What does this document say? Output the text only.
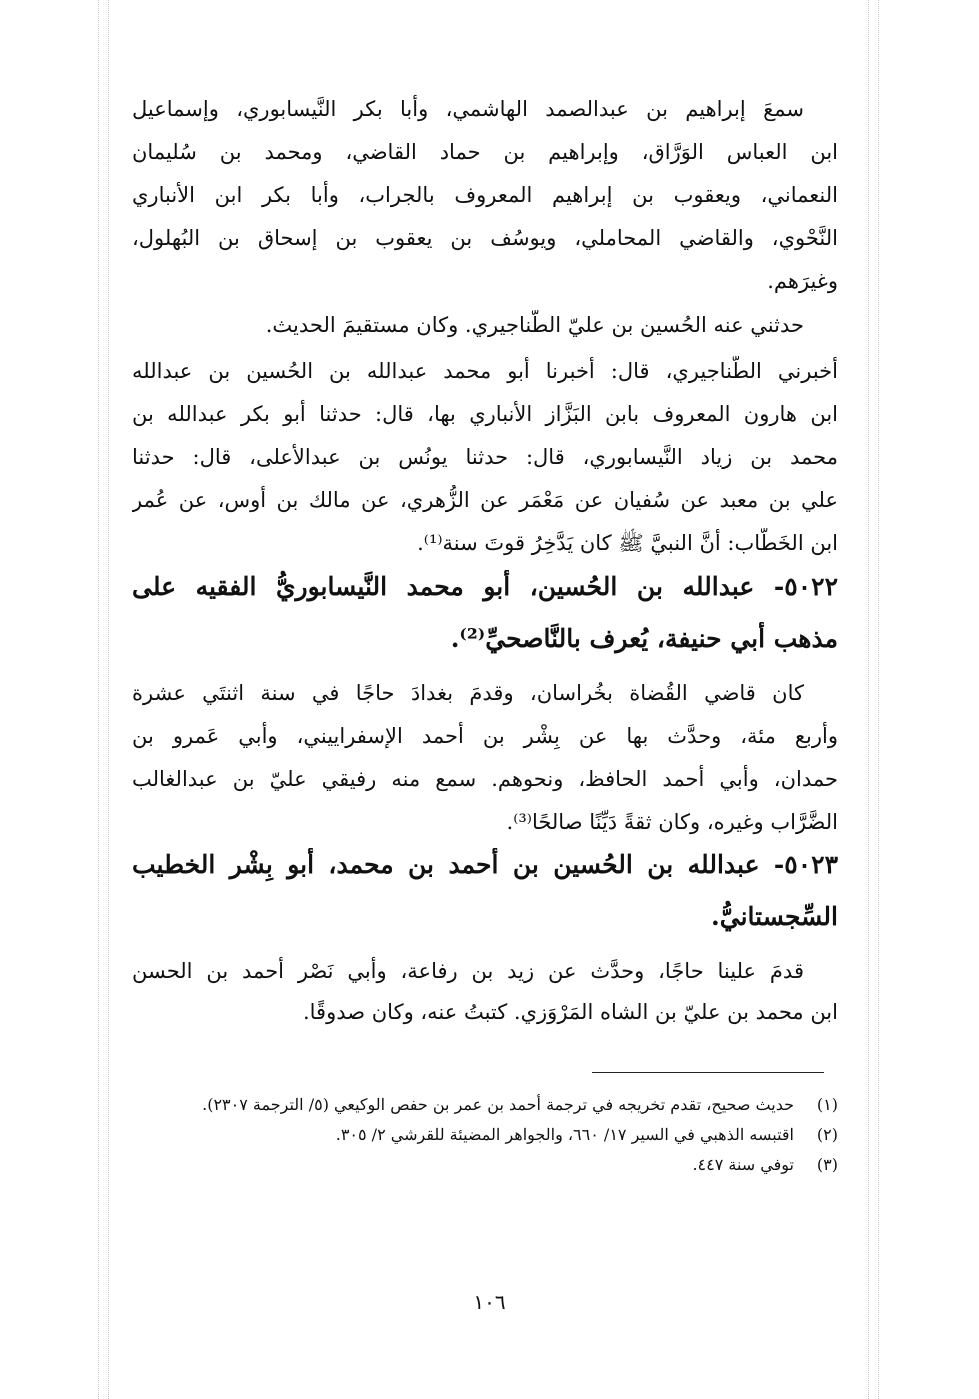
سمعَ إبراهيم بن عبدالصمد الهاشمي، وأبا بكر النَّيسابوري، وإسماعيل
ابن العباس الوَرَّاق، وإبراهيم بن حماد القاضي، ومحمد بن سُليمان
النعماني، ويعقوب بن إبراهيم المعروف بالجراب، وأبا بكر ابن الأنباري
النَّحْوي، والقاضي المحاملي، ويوسُف بن يعقوب بن إسحاق بن البُهلول،
وغيرَهم.
حدثني عنه الحُسين بن عليّ الطَّناجيري. وكان مستقيمَ الحديث.
أخبرني الطَّناجيري، قال: أخبرنا أبو محمد عبدالله بن الحُسين بن عبدالله
ابن هارون المعروف بابن البَزَّاز الأنباري بها، قال: حدثنا أبو بكر عبدالله بن
محمد بن زياد النَّيسابوري، قال: حدثنا يونُس بن عبدالأعلى، قال: حدثنا
علي بن معبد عن سُفيان عن مَعْمَر عن الزُّهري، عن مالك بن أوس، عن عُمر
ابن الخَطَّاب: أنَّ النبيَّ ﷺ كان يَدَّخِرُ قوتَ سنة⁽¹⁾.
٥٠٢٢- عبدالله بن الحُسين، أبو محمد النَّيسابوريُّ الفقيه على
مذهب أبي حنيفة، يُعرف بالنَّاصحيِّ⁽²⁾.
كان قاضي القُضاة بخُراسان، وقدمَ بغدادَ حاجًا في سنة اثنتَي عشرة
وأربع مئة، وحدَّث بها عن بِشْر بن أحمد الإسفراييني، وأبي عَمرو بن
حمدان، وأبي أحمد الحافظ، ونحوهم. سمع منه رفيقي عليّ بن عبدالغالب
الضَّرَّاب وغيره، وكان ثقةً دَيِّنًا صالحًا⁽³⁾.
٥٠٢٣- عبدالله بن الحُسين بن أحمد بن محمد، أبو بِشْر الخطيب
السِّجستانيُّ.
قدمَ علينا حاجًا، وحدَّث عن زيد بن رفاعة، وأبي نَصْر أحمد بن الحسن
ابن محمد بن عليّ بن الشاه المَرْوَزي. كتبتُ عنه، وكان صدوقًا.
(١)
حديث صحيح، تقدم تخريجه في ترجمة أحمد بن عمر بن حفص الوكيعي (٥/ الترجمة ٢٣٠٧).
(٢)
اقتبسه الذهبي في السير ١٧/ ٦٦٠، والجواهر المضيئة للقرشي ٢/ ٣٠٥.
(٣)
توفي سنة ٤٤٧.
١٠٦
